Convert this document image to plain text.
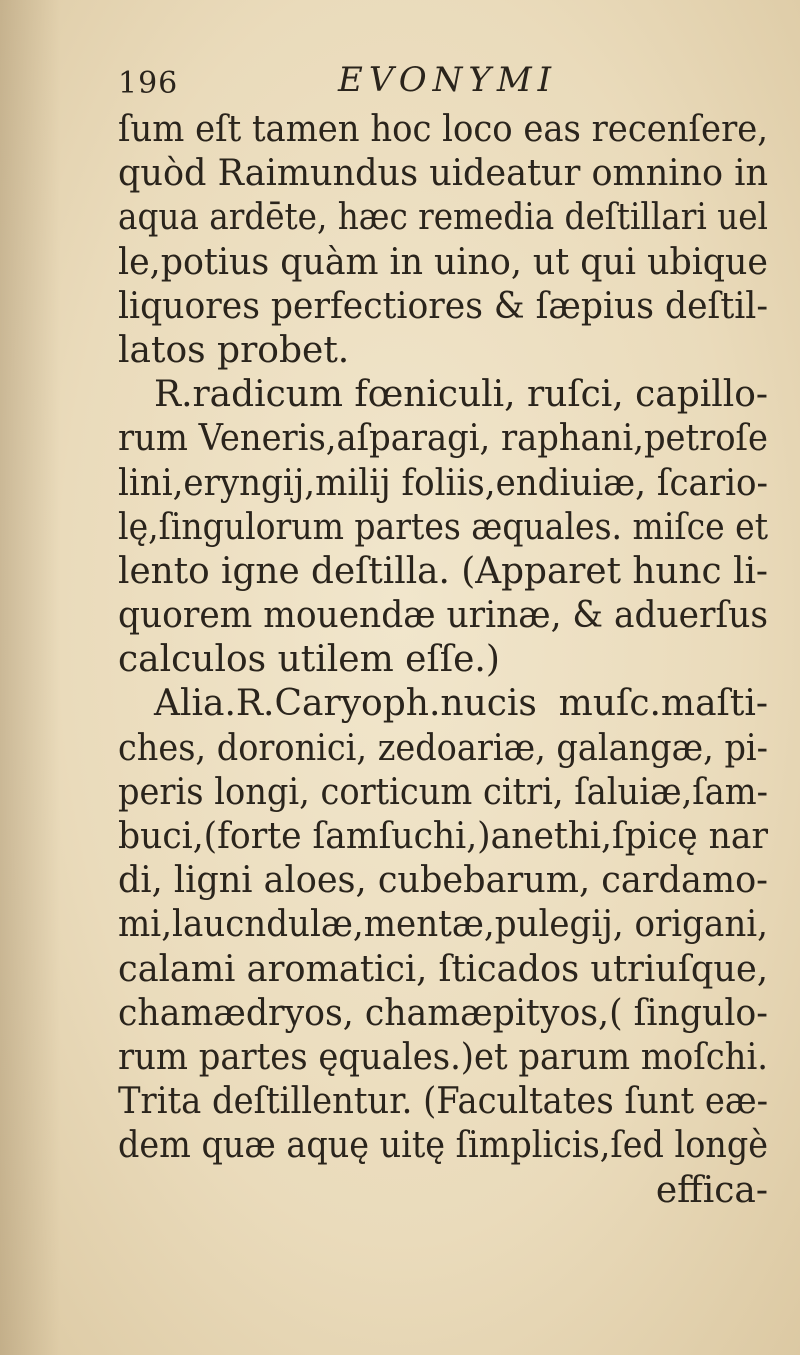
196	EVONYMI
ſum eſt tamen hoc loco eas recenſere,
quòd Raimundus uideatur omnino in
aqua ardēte, hæc remedia deſtillari uel
le,potius quàm in uino, ut qui ubique
liquores perfectiores & ſæpius deſtil-
latos probet.
R.radicum fœniculi, ruſci, capillo-
rum Veneris,aſparagi, raphani,petroſe
lini,eryngij,milij foliis,endiuiæ, ſcario-
lę,ſingulorum partes æquales. miſce et
lento igne deſtilla. (Apparet hunc li-
quorem mouendæ urinæ, & aduerſus
calculos utilem eſſe.)
Alia.R.Caryoph.nucis muſc.maſti-
ches, doronici, zedoariæ, galangæ, pi-
peris longi, corticum citri, ſaluiæ,ſam-
buci,(forte ſamſuchi,)anethi,ſpicę nar
di, ligni aloes, cubebarum, cardamo-
mi,laucndulæ,mentæ,pulegij, origani,
calami aromatici, ſticados utriuſque,
chamædryos, chamæpityos,( ſingulo-
rum partes ęquales.)et parum moſchi.
Trita deſtillentur. (Facultates ſunt eæ-
dem quæ aquę uitę ſimplicis,ſed longè
effica-
